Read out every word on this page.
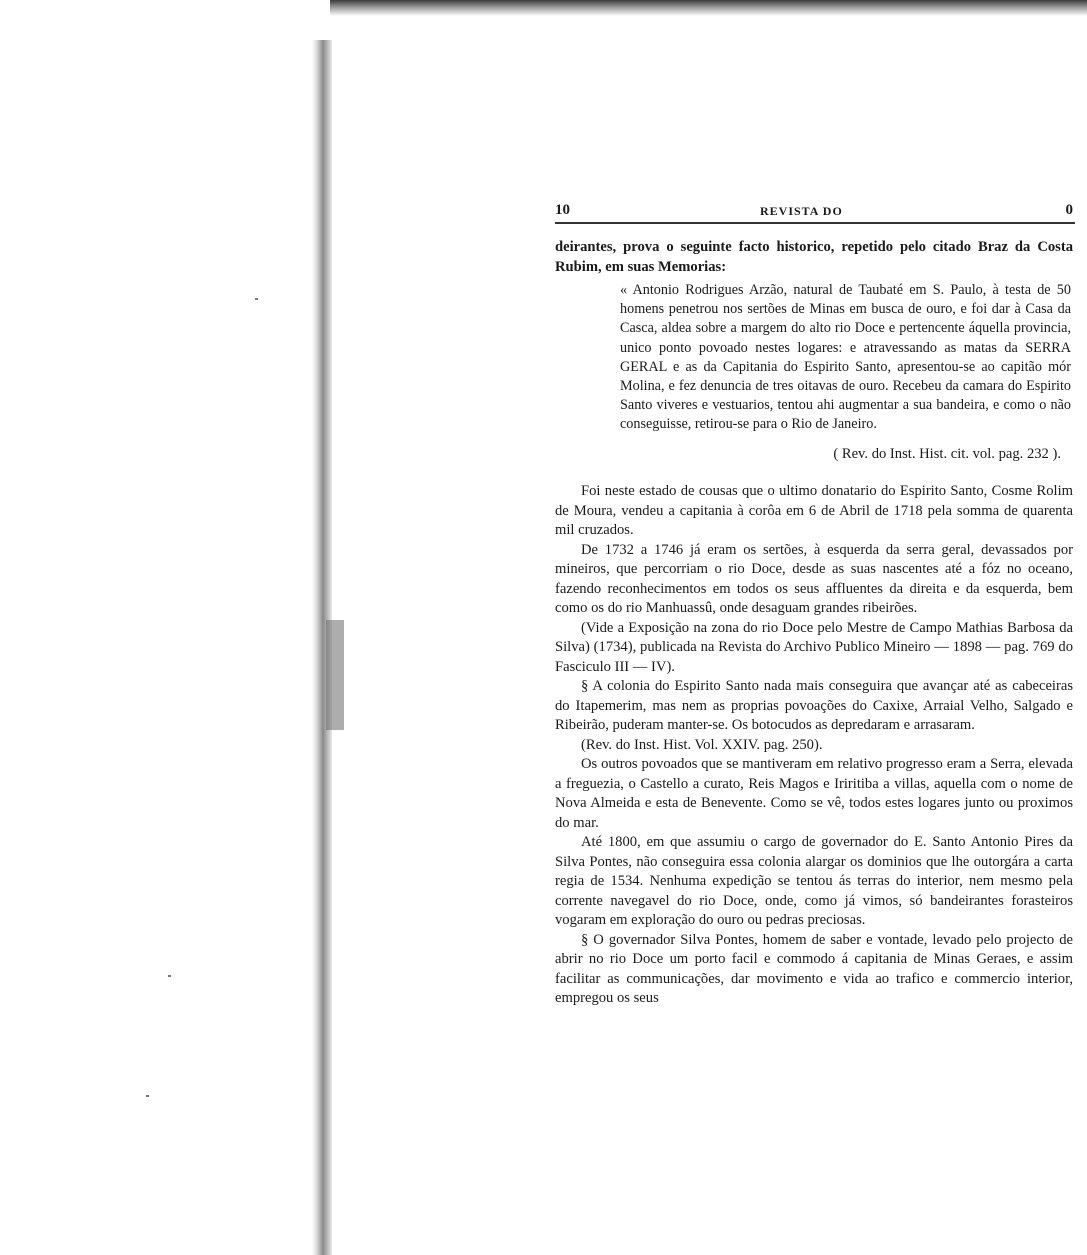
10	REVISTA DO	0

deirantes, prova o seguinte facto historico, repetido pelo citado Braz da Costa Rubim, em suas Memorias:

« Antonio Rodrigues Arzão, natural de Taubaté em S. Paulo, à testa de 50 homens penetrou nos sertões de Minas em busca de ouro, e foi dar à Casa da Casca, aldea sobre a margem do alto rio Doce e pertencente áquella provincia, unico ponto povoado nestes logares: e atravessando as matas da SERRA GERAL e as da Capitania do Espirito Santo, apresentou-se ao capitão mór Molina, e fez denuncia de tres oitavas de ouro. Recebeu da camara do Espirito Santo viveres e vestuarios, tentou ahi augmentar a sua bandeira, e como o não conseguisse, retirou-se para o Rio de Janeiro.

( Rev. do Inst. Hist. cit. vol. pag. 232 ).

Foi neste estado de cousas que o ultimo donatario do Espirito Santo, Cosme Rolim de Moura, vendeu a capitania à corôa em 6 de Abril de 1718 pela somma de quarenta mil cruzados.

De 1732 a 1746 já eram os sertões, à esquerda da serra geral, devassados por mineiros, que percorriam o rio Doce, desde as suas nascentes até a fóz no oceano, fazendo reconhecimentos em todos os seus affluentes da direita e da esquerda, bem como os do rio Manhuassû, onde desaguam grandes ribeirões.

(Vide a Exposição na zona do rio Doce pelo Mestre de Campo Mathias Barbosa da Silva) (1734), publicada na Revista do Archivo Publico Mineiro — 1898 — pag. 769 do Fasciculo III — IV).

§ A colonia do Espirito Santo nada mais conseguira que avançar até as cabeceiras do Itapemerim, mas nem as proprias povoações do Caxixe, Arraial Velho, Salgado e Ribeirão, puderam manter-se. Os botocudos as depredaram e arrasaram.

(Rev. do Inst. Hist. Vol. XXIV. pag. 250).

Os outros povoados que se mantiveram em relativo progresso eram a Serra, elevada a freguezia, o Castello a curato, Reis Magos e Iriritiba a villas, aquella com o nome de Nova Almeida e esta de Benevente. Como se vê, todos estes logares junto ou proximos do mar.

Até 1800, em que assumiu o cargo de governador do E. Santo Antonio Pires da Silva Pontes, não conseguira essa colonia alargar os dominios que lhe outorgára a carta regia de 1534. Nenhuma expedição se tentou ás terras do interior, nem mesmo pela corrente navegavel do rio Doce, onde, como já vimos, só bandeirantes forasteiros vogaram em exploração do ouro ou pedras preciosas.

§ O governador Silva Pontes, homem de saber e vontade, levado pelo projecto de abrir no rio Doce um porto facil e commodo á capitania de Minas Geraes, e assim facilitar as communicações, dar movimento e vida ao trafico e commercio interior, empregou os seus
